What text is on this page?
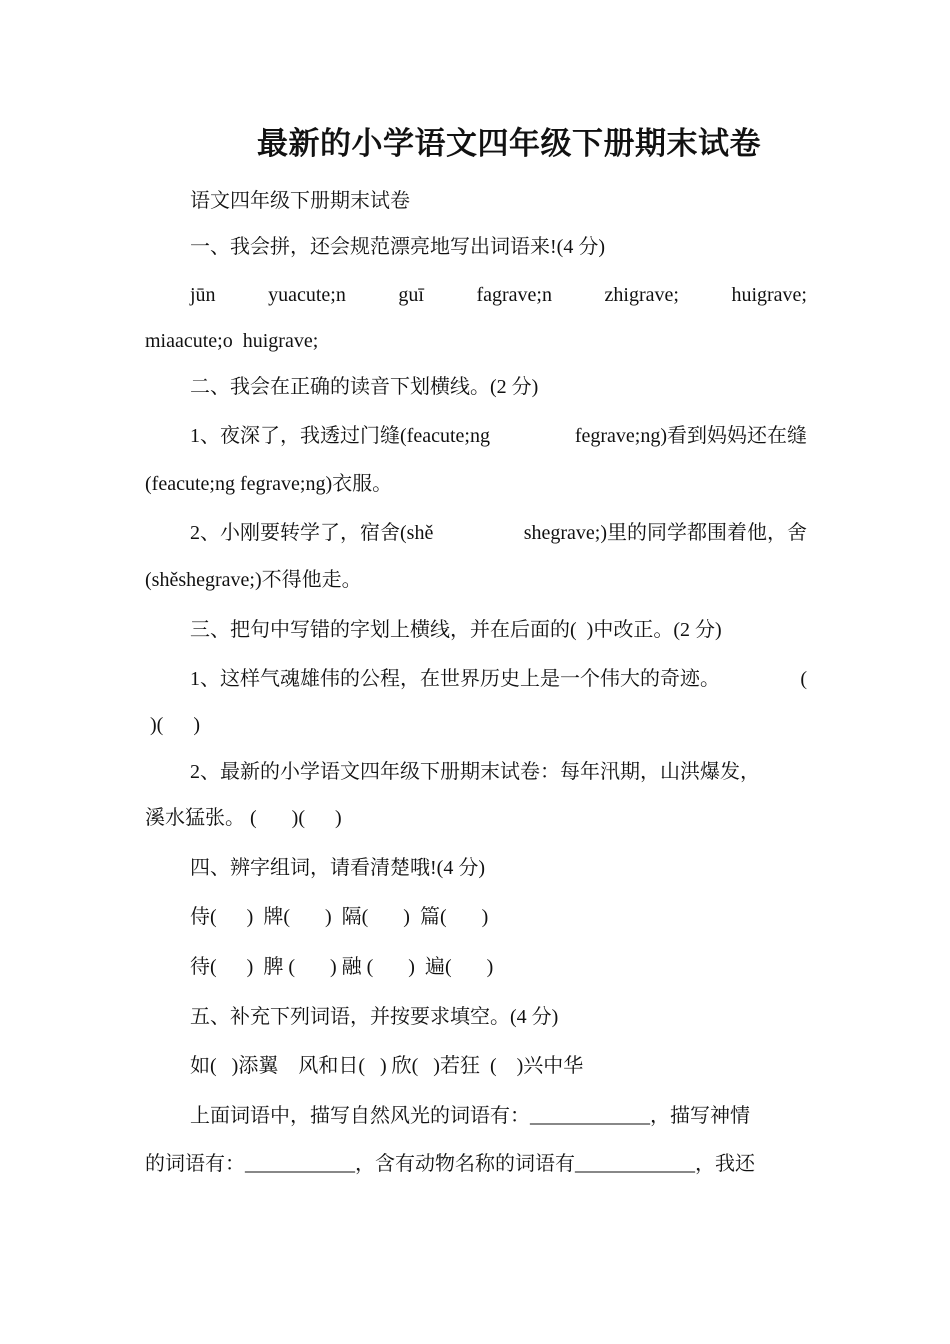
最新的小学语文四年级下册期末试卷
语文四年级下册期末试卷
一、我会拼，还会规范漂亮地写出词语来!(4 分)
jūn	yuacute;n	guī	fagrave;n	zhigrave;	huigrave;
miaacute;o  huigrave;
二、我会在正确的读音下划横线。(2 分)
1、夜深了，我透过门缝(feacute;ng	fegrave;ng)看到妈妈还在缝
(feacute;ng fegrave;ng)衣服。
2、小刚要转学了，宿舍(shě	shegrave;)里的同学都围着他，舍
(shěshegrave;)不得他走。
三、把句中写错的字划上横线，并在后面的(  )中改正。(2 分)
1、这样气魂雄伟的公程，在世界历史上是一个伟大的奇迹。	(
)(      )
2、最新的小学语文四年级下册期末试卷：每年汛期，山洪爆发，
溪水猛张。 (       )(      )
四、辨字组词，请看清楚哦!(4 分)
侍(      )  牌(       )  隔(       )  篇(       )
待(      )  脾 (       ) 融 (       )  遍(       )
五、补充下列词语，并按要求填空。(4 分)
如(   )添翼    风和日(   ) 欣(   )若狂  (    )兴中华
上面词语中，描写自然风光的词语有：____________，描写神情
的词语有：___________，含有动物名称的词语有____________，我还
